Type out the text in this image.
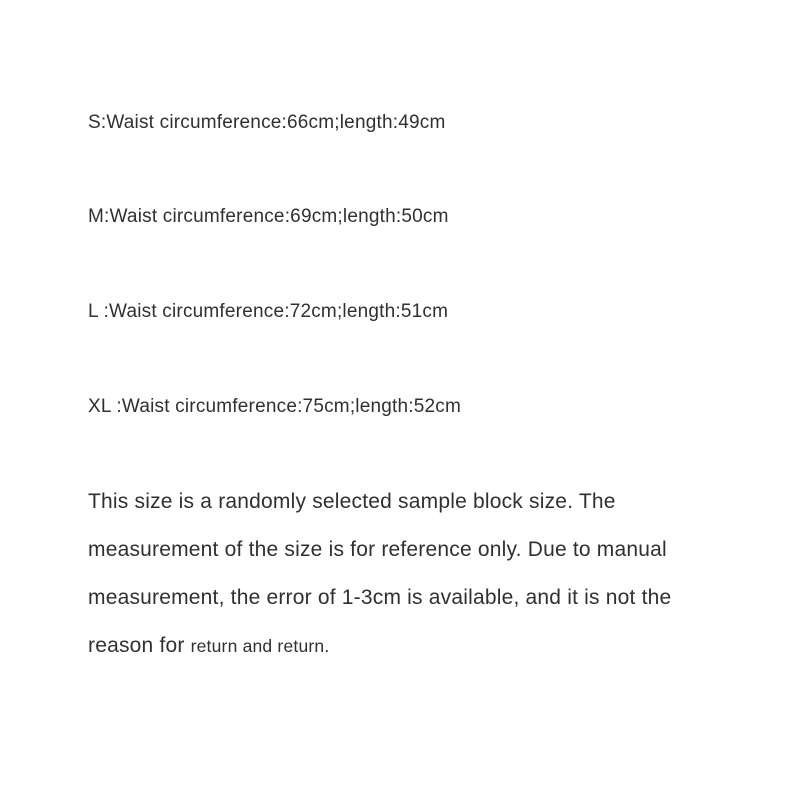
S:Waist circumference:66cm;length:49cm
M:Waist circumference:69cm;length:50cm
L :Waist circumference:72cm;length:51cm
XL :Waist circumference:75cm;length:52cm
This size is a randomly selected sample block size. The
measurement of the size is for reference only. Due to manual
measurement, the error of 1-3cm is available, and it is not the
reason for return and return.
